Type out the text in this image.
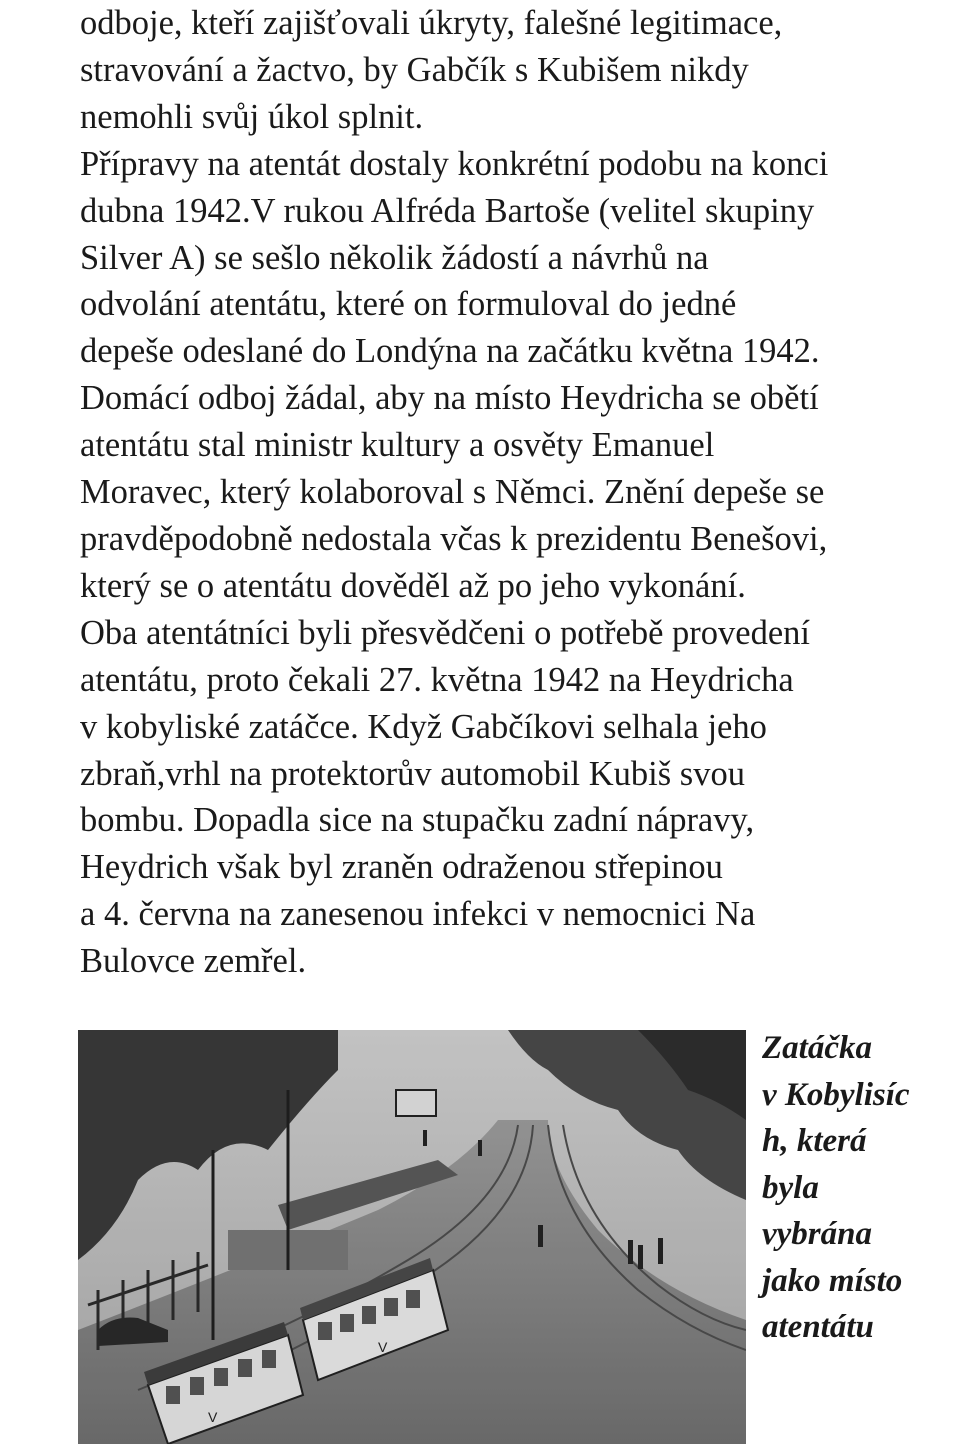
odboje, kteří zajišťovali úkryty, falešné legitimace,
stravování a žactvo, by Gabčík s Kubišem nikdy
nemohli svůj úkol splnit.
Přípravy na atentát dostaly konkrétní podobu na konci
dubna 1942.V rukou Alfréda Bartoše (velitel skupiny
Silver A) se sešlo několik žádostí a návrhů na
odvolání atentátu, které on formuloval do jedné
depeše odeslané do Londýna na začátku května 1942.
Domácí odboj žádal, aby na místo Heydricha se obětí
atentátu stal ministr kultury a osvěty Emanuel
Moravec, který kolaboroval s Němci. Znění depeše se
pravděpodobně nedostala včas k prezidentu Benešovi,
který se o atentátu dověděl až po jeho vykonání.
Oba atentátníci byli přesvědčeni o potřebě provedení
atentátu, proto čekali 27. května 1942 na Heydricha
v kobyliské zatáčce. Když Gabčíkovi selhala jeho
zbraň,vrhl na protektorův automobil Kubiš svou
bombu. Dopadla sice na stupačku zadní nápravy,
Heydrich však byl zraněn odraženou střepinou
a 4. června na zanesenou infekci v nemocnici Na
Bulovce zemřel.
V
V
Zatáčka
v Kobylisíc
h, která
byla
vybrána
jako místo
atentátu
